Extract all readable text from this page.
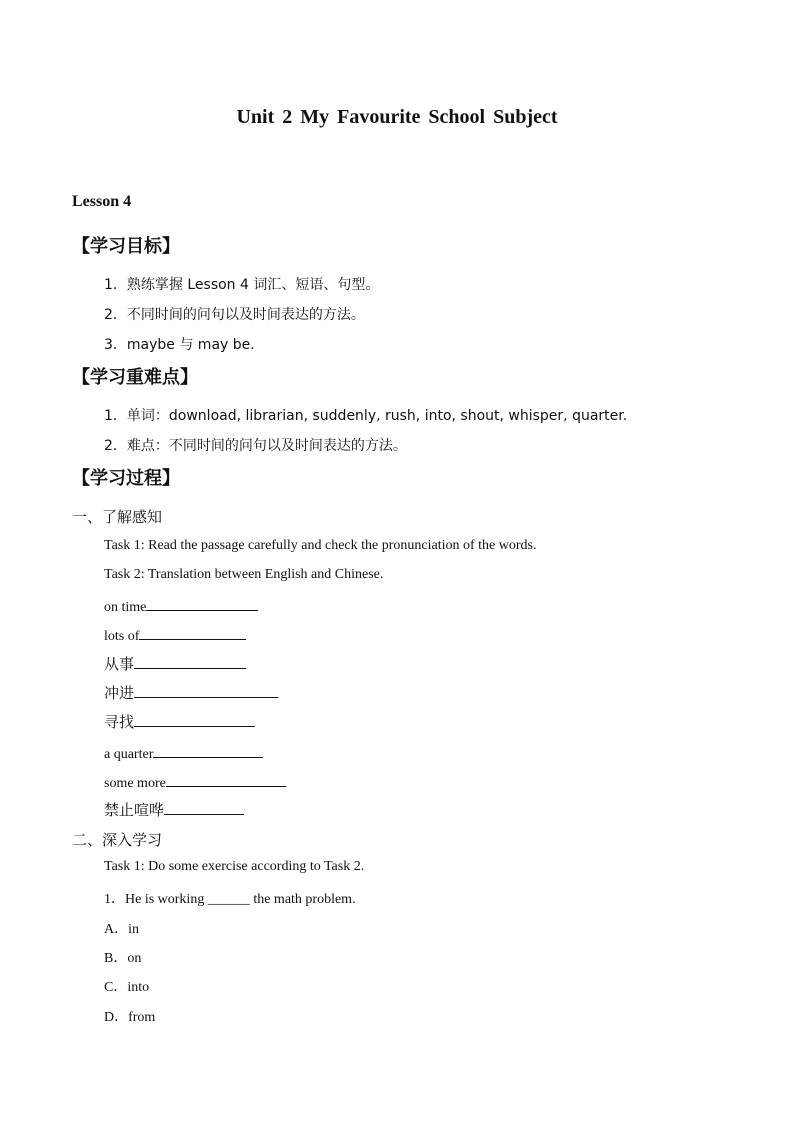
Unit 2 My Favourite School Subject
Lesson 4
【学习目标】
1．熟练掌握 Lesson 4 词汇、短语、句型。
2．不同时间的问句以及时间表达的方法。
3．maybe 与 may be.
【学习重难点】
1．单词：download, librarian, suddenly, rush, into, shout, whisper, quarter.
2．难点：不同时间的问句以及时间表达的方法。
【学习过程】
一、了解感知
Task 1: Read the passage carefully and check the pronunciation of the words.
Task 2: Translation between English and Chinese.
on time
lots of
从事
冲进
寻找
a quarter
some more
禁止喧哗
二、深入学习
Task 1: Do some exercise according to Task 2.
1．He is working ______ the math problem.
A．in
B．on
C．into
D．from
